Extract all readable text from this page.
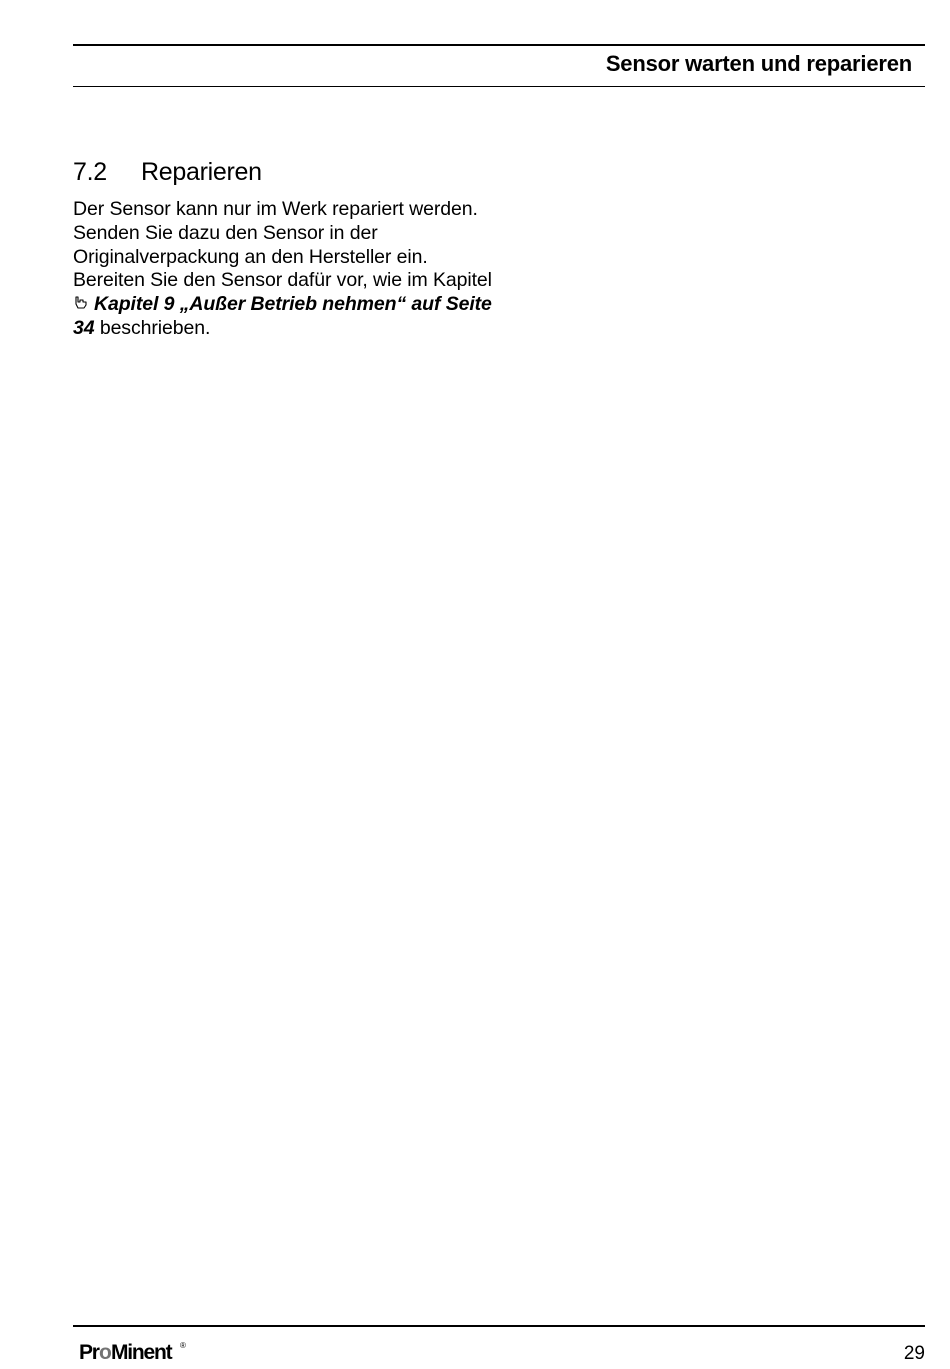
Sensor warten und reparieren
7.2	Reparieren

Der Sensor kann nur im Werk repariert werden. Senden Sie dazu den Sensor in der Originalverpackung an den Hersteller ein. Bereiten Sie den Sensor dafür vor, wie im Kapitel Kapitel 9 „Außer Betrieb nehmen“ auf Seite 34 beschrieben.

Pr o Minent ®	29
